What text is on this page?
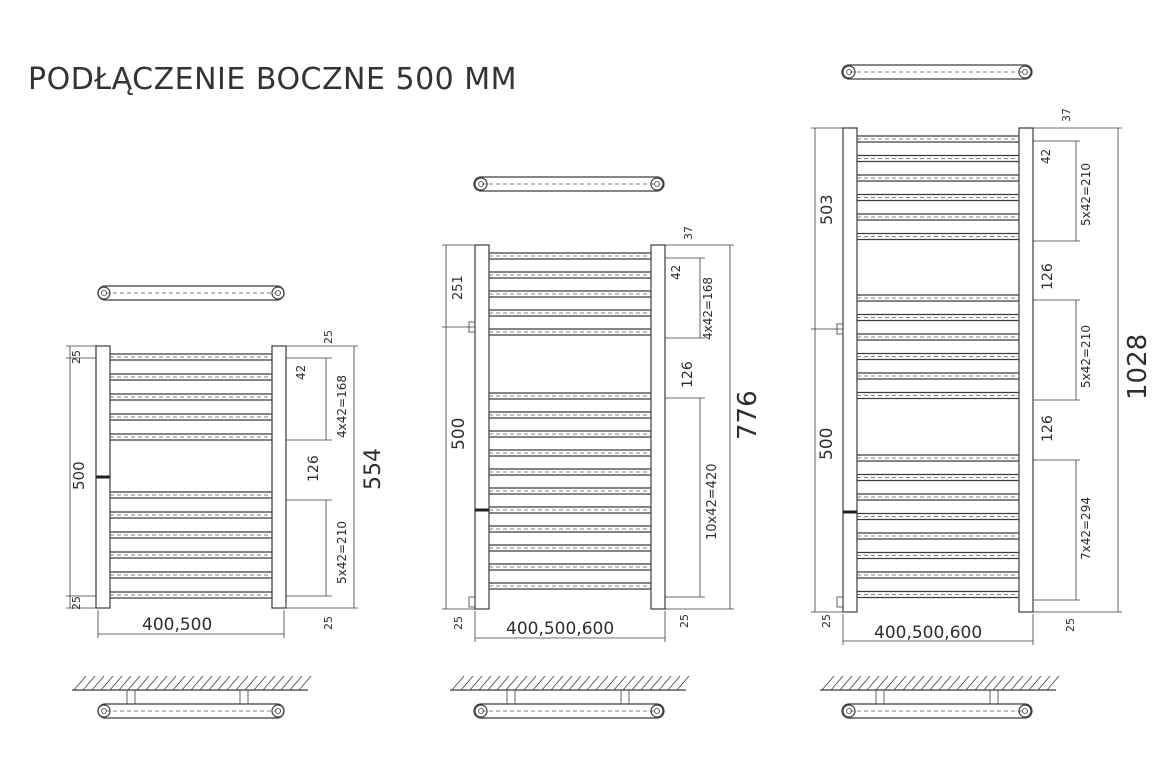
PODŁĄCZENIE BOCZNE 500 MM
500
25
25
554
25
42
4x42=168
126
5x42=210
25
400,500
251
500
25
776
37
42
4x42=168
126
10x42=420
25
400,500,600
503
500
25
1028
37
42
5x42=210
126
5x42=210
126
7x42=294
25
400,500,600
